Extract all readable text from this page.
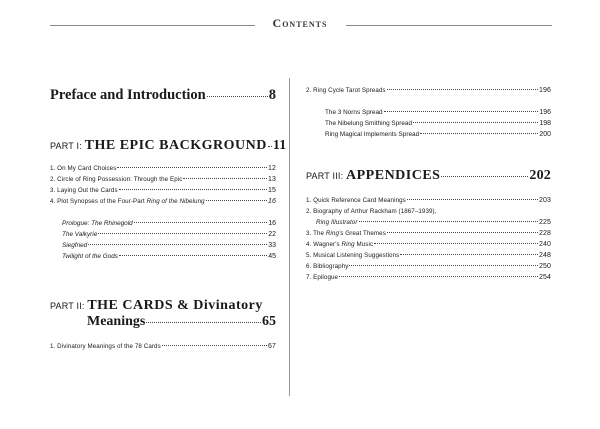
Contents
Preface and Introduction	8
PART I: THE EPIC BACKGROUND 11
1. On My Card Choices	12
2. Circle of Ring Possession: Through the Epic	13
3. Laying Out the Cards	15
4. Plot Synopses of the Four-Part Ring of the Nibelung	16
Prologue: The Rhinegold	16
The Valkyrie	22
Siegfried	33
Twilight of the Gods	45
PART II: THE CARDS & Divinatory
Meanings	65
1. Divinatory Meanings of the 78 Cards	67
2. Ring Cycle Tarot Spreads	196
The 3 Norns Spread	196
The Nibelung Smithing Spread	198
Ring Magical Implements Spread	200
PART III: APPENDICES	202
1. Quick Reference Card Meanings	203
2. Biography of Arthur Rackham (1867–1939),
Ring Illustrator	225
3. The Ring's Great Themes	228
4. Wagner's Ring Music	240
5. Musical Listening Suggestions	248
6. Bibliography	250
7. Epilogue	254
